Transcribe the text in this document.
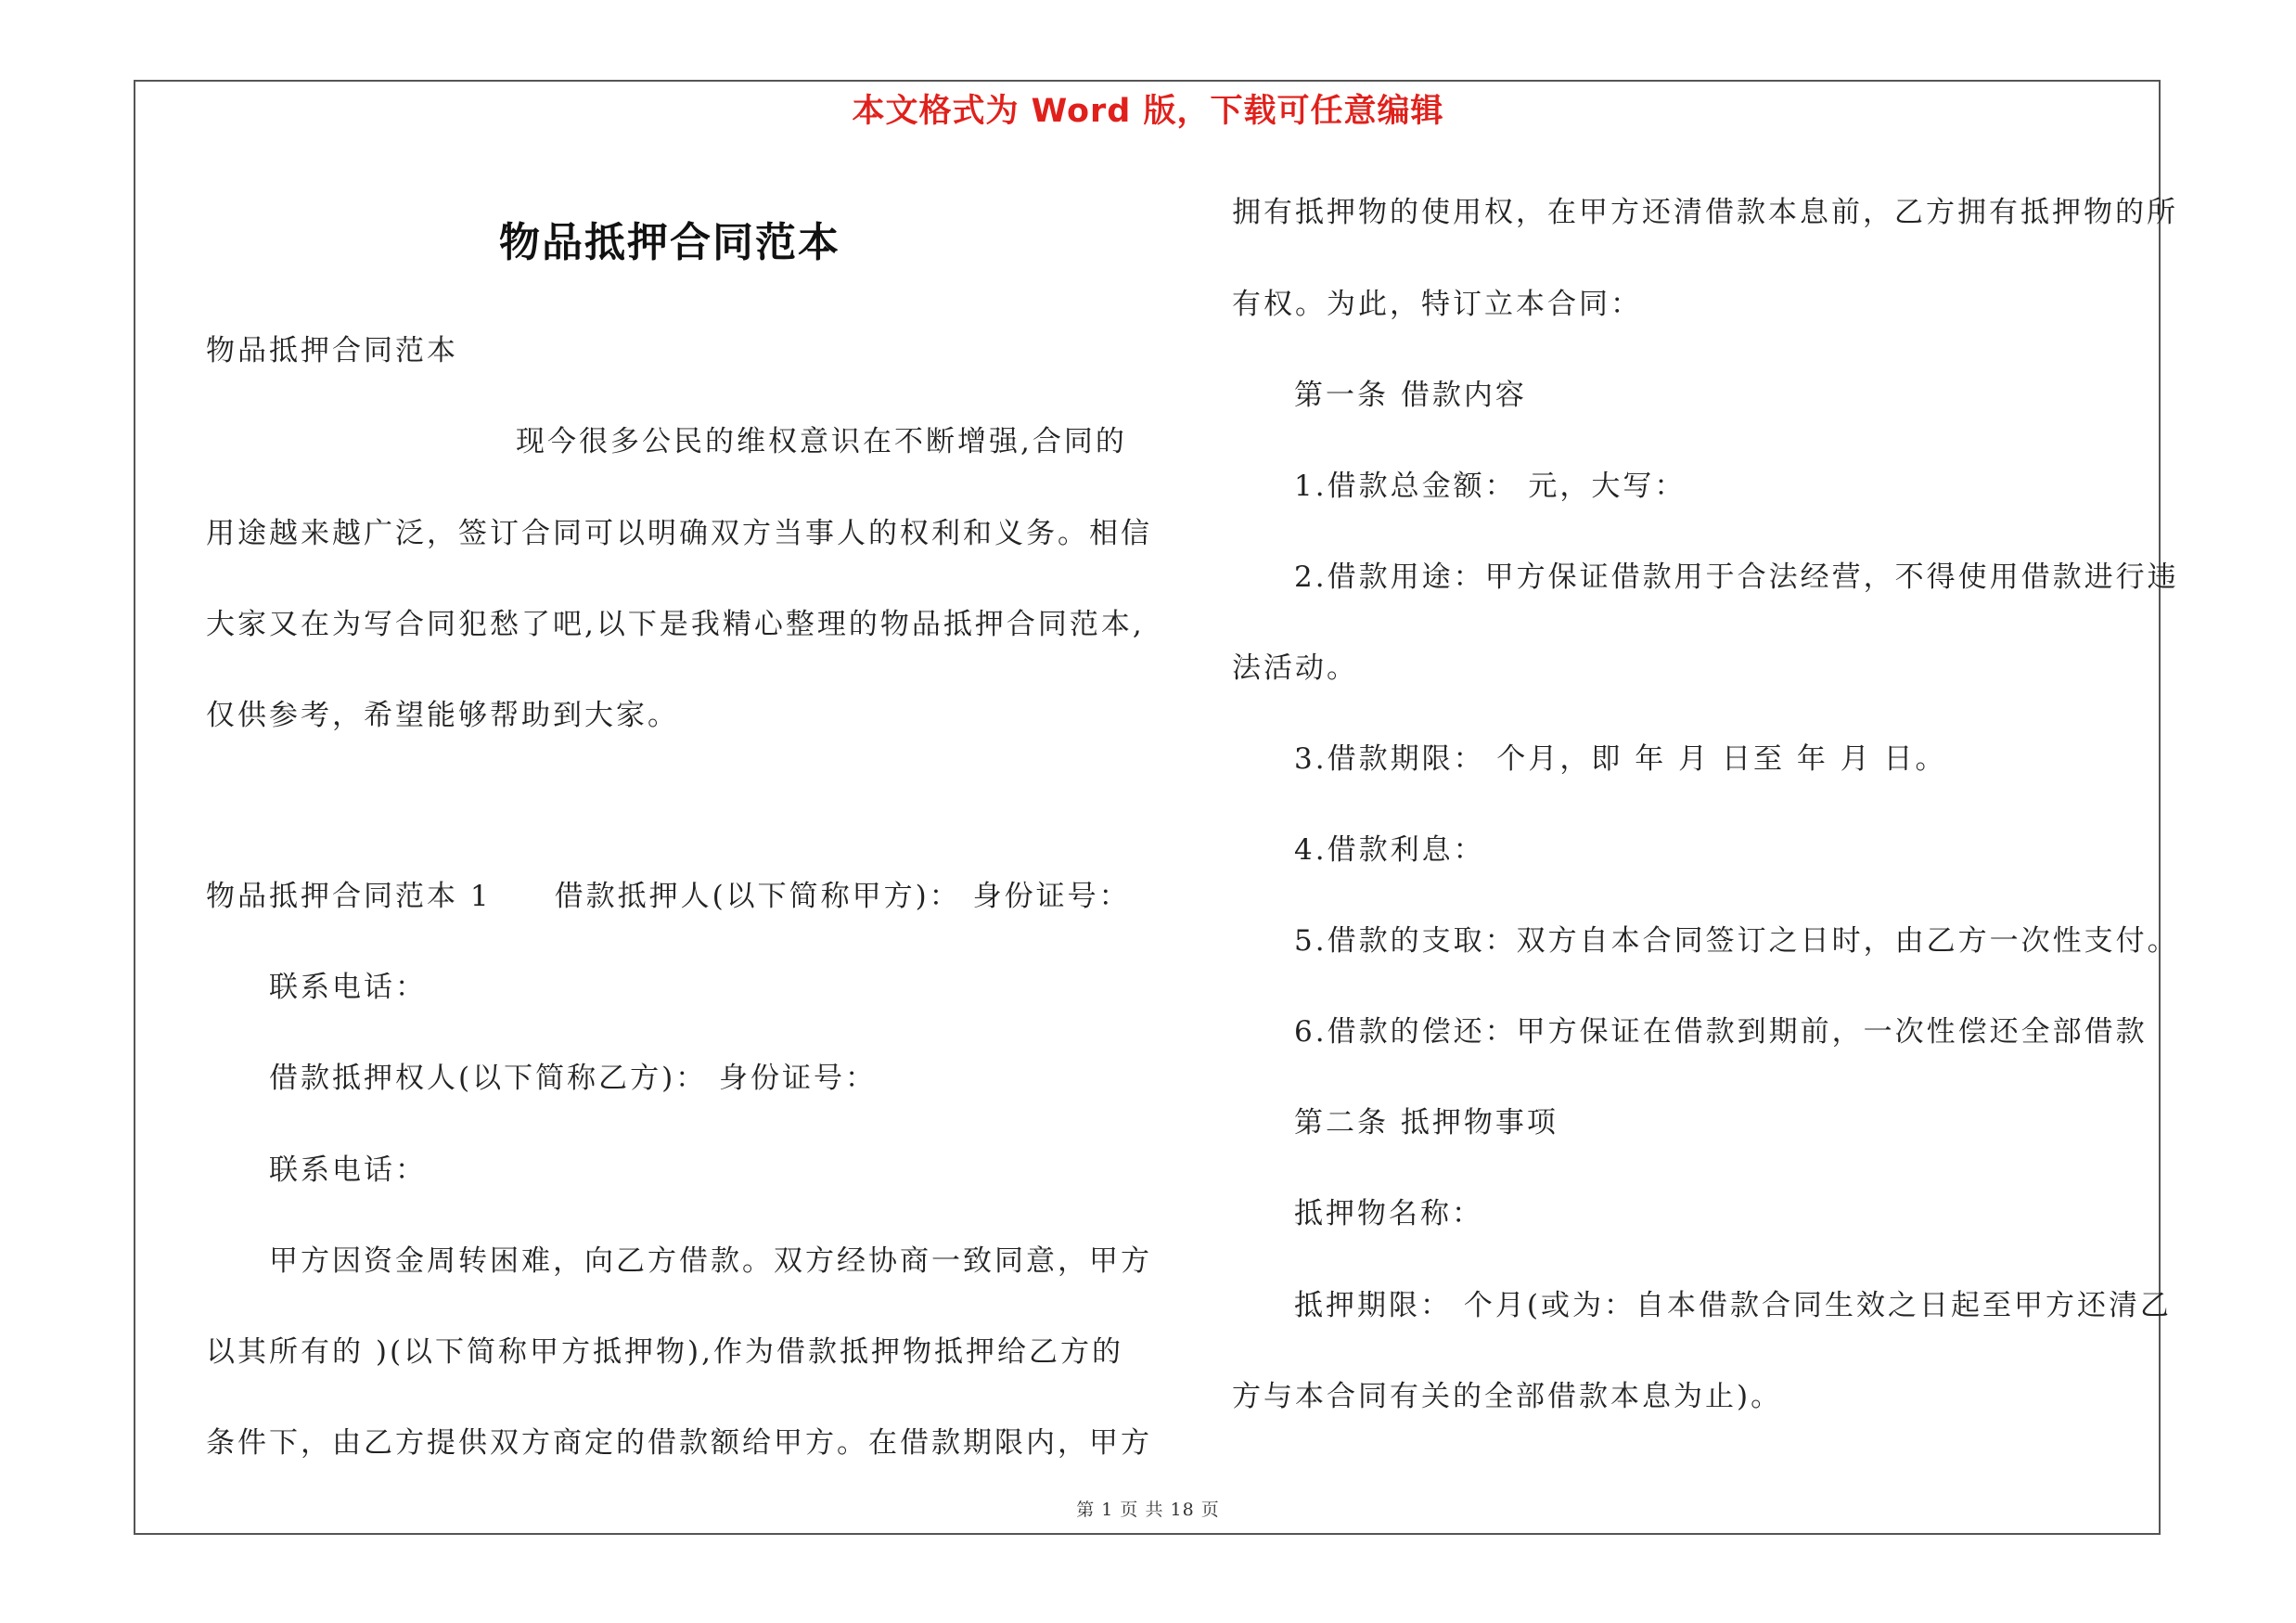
本文格式为 Word 版，下载可任意编辑
物品抵押合同范本
物品抵押合同范本
现今很多公民的维权意识在不断增强,合同的
用途越来越广泛，签订合同可以明确双方当事人的权利和义务。相信
大家又在为写合同犯愁了吧,以下是我精心整理的物品抵押合同范本,
仅供参考，希望能够帮助到大家。
物品抵押合同范本 1　　借款抵押人(以下简称甲方)： 身份证号：
联系电话：
借款抵押权人(以下简称乙方)： 身份证号：
联系电话：
甲方因资金周转困难，向乙方借款。双方经协商一致同意，甲方
以其所有的 )(以下简称甲方抵押物),作为借款抵押物抵押给乙方的
条件下，由乙方提供双方商定的借款额给甲方。在借款期限内，甲方
拥有抵押物的使用权，在甲方还清借款本息前，乙方拥有抵押物的所
有权。为此，特订立本合同：
第一条 借款内容
1.借款总金额： 元，大写：
2.借款用途：甲方保证借款用于合法经营，不得使用借款进行违
法活动。
3.借款期限： 个月，即 年 月 日至 年 月 日。
4.借款利息：
5.借款的支取：双方自本合同签订之日时，由乙方一次性支付。
6.借款的偿还：甲方保证在借款到期前，一次性偿还全部借款
第二条 抵押物事项
抵押物名称：
抵押期限： 个月(或为：自本借款合同生效之日起至甲方还清乙
方与本合同有关的全部借款本息为止)。
第 1 页 共 18 页
